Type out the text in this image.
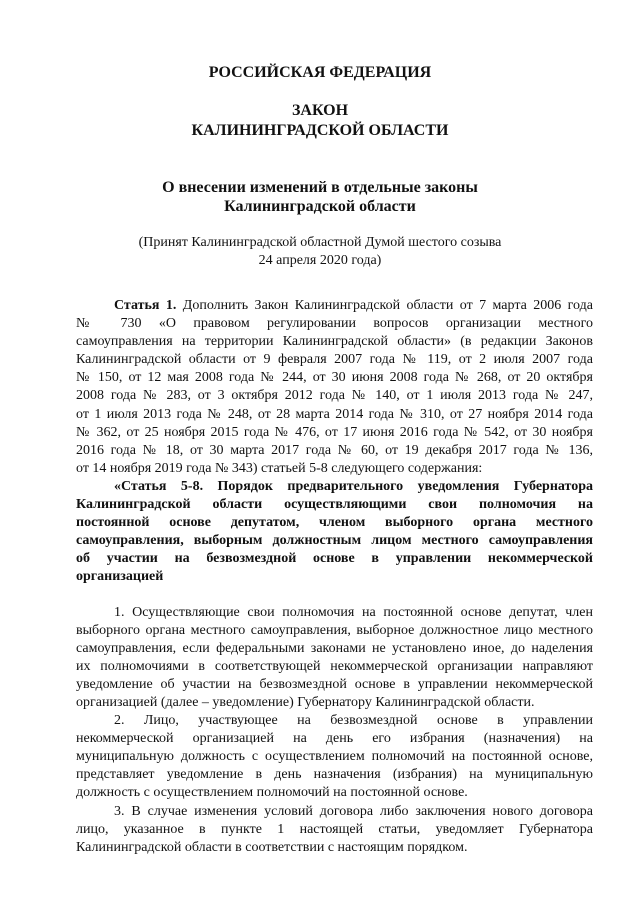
РОССИЙСКАЯ ФЕДЕРАЦИЯ
ЗАКОН
КАЛИНИНГРАДСКОЙ ОБЛАСТИ
О внесении изменений в отдельные законы
Калининградской области
(Принят Калининградской областной Думой шестого созыва
24 апреля 2020 года)
Статья 1. Дополнить Закон Калининградской области от 7 марта 2006 года
№ 730 «О правовом регулировании вопросов организации местного
самоуправления на территории Калининградской области» (в редакции Законов
Калининградской области от 9 февраля 2007 года № 119, от 2 июля 2007 года
№ 150, от 12 мая 2008 года № 244, от 30 июня 2008 года № 268, от 20 октября
2008 года № 283, от 3 октября 2012 года № 140, от 1 июля 2013 года № 247,
от 1 июля 2013 года № 248, от 28 марта 2014 года № 310, от 27 ноября 2014 года
№ 362, от 25 ноября 2015 года № 476, от 17 июня 2016 года № 542, от 30 ноября
2016 года № 18, от 30 марта 2017 года № 60, от 19 декабря 2017 года № 136,
от 14 ноября 2019 года № 343) статьей 5-8 следующего содержания:
«Статья 5-8. Порядок предварительного уведомления Губернатора
Калининградской области осуществляющими свои полномочия на
постоянной основе депутатом, членом выборного органа местного
самоуправления, выборным должностным лицом местного самоуправления
об участии на безвозмездной основе в управлении некоммерческой
организацией
1. Осуществляющие свои полномочия на постоянной основе депутат, член
выборного органа местного самоуправления, выборное должностное лицо местного
самоуправления, если федеральными законами не установлено иное, до наделения
их полномочиями в соответствующей некоммерческой организации направляют
уведомление об участии на безвозмездной основе в управлении некоммерческой
организацией (далее – уведомление) Губернатору Калининградской области.
2. Лицо, участвующее на безвозмездной основе в управлении
некоммерческой организацией на день его избрания (назначения) на
муниципальную должность с осуществлением полномочий на постоянной основе,
представляет уведомление в день назначения (избрания) на муниципальную
должность с осуществлением полномочий на постоянной основе.
3. В случае изменения условий договора либо заключения нового договора
лицо, указанное в пункте 1 настоящей статьи, уведомляет Губернатора
Калининградской области в соответствии с настоящим порядком.
